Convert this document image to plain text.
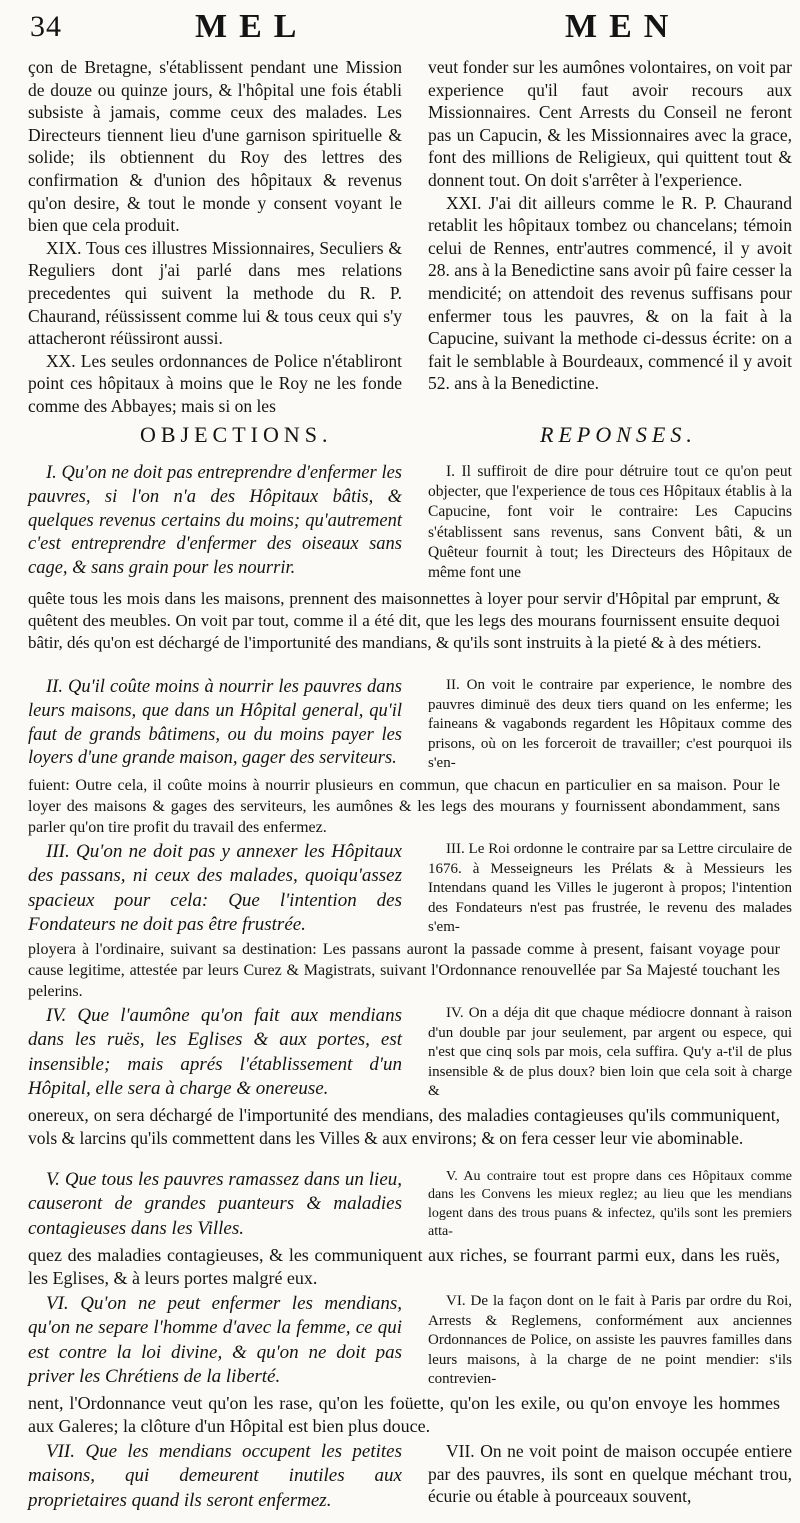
34	MEL	MEN

çon de Bretagne, s'établissent pendant une Mission de douze ou quinze jours, & l'hôpital une fois établi subsiste à jamais, comme ceux des malades. Les Directeurs tiennent lieu d'une garnison spirituelle & solide; ils obtiennent du Roy des lettres des confirmation & d'union des hôpitaux & revenus qu'on desire, & tout le monde y consent voyant le bien que cela produit.

XIX. Tous ces illustres Missionnaires, Seculiers & Reguliers dont j'ai parlé dans mes relations precedentes qui suivent la methode du R. P. Chaurand, réüssissent comme lui & tous ceux qui s'y attacheront réüssiront aussi.

XX. Les seules ordonnances de Police n'établiront point ces hôpitaux à moins que le Roy ne les fonde comme des Abbayes; mais si on les

veut fonder sur les aumônes volontaires, on voit par experience qu'il faut avoir recours aux Missionnaires. Cent Arrests du Conseil ne feront pas un Capucin, & les Missionnaires avec la grace, font des millions de Religieux, qui quittent tout & donnent tout. On doit s'arrêter à l'experience.

XXI. J'ai dit ailleurs comme le R. P. Chaurand retablit les hôpitaux tombez ou chancelans; témoin celui de Rennes, entr'autres commencé, il y avoit 28. ans à la Benedictine sans avoir pû faire cesser la mendicité; on attendoit des revenus suffisans pour enfermer tous les pauvres, & on la fait à la Capucine, suivant la methode ci-dessus écrite: on a fait le semblable à Bourdeaux, commencé il y avoit 52. ans à la Benedictine.

OBJECTIONS.	REPONSES.

I. Qu'on ne doit pas entreprendre d'enfermer les pauvres, si l'on n'a des Hôpitaux bâtis, & quelques revenus certains du moins; qu'autrement c'est entreprendre d'enfermer des oiseaux sans cage, & sans grain pour les nourrir.

I. Il suffiroit de dire pour détruire tout ce qu'on peut objecter, que l'experience de tous ces Hôpitaux établis à la Capucine, font voir le contraire: Les Capucins s'établissent sans revenus, sans Convent bâti, & un Quêteur fournit à tout; les Directeurs des Hôpitaux de même font une

quête tous les mois dans les maisons, prennent des maisonnettes à loyer pour servir d'Hôpital par emprunt, & quêtent des meubles. On voit par tout, comme il a été dit, que les legs des mourans fournissent ensuite dequoi bâtir, dés qu'on est déchargé de l'importunité des mandians, & qu'ils sont instruits à la pieté & à des métiers.

II. Qu'il coûte moins à nourrir les pauvres dans leurs maisons, que dans un Hôpital general, qu'il faut de grands bâtimens, ou du moins payer les loyers d'une grande maison, gager des serviteurs.

II. On voit le contraire par experience, le nombre des pauvres diminuë des deux tiers quand on les enferme; les faineans & vagabonds regardent les Hôpitaux comme des prisons, où on les forceroit de travailler; c'est pourquoi ils s'en-

fuient: Outre cela, il coûte moins à nourrir plusieurs en commun, que chacun en particulier en sa maison. Pour le loyer des maisons & gages des serviteurs, les aumônes & les legs des mourans y fournissent abondamment, sans parler qu'on tire profit du travail des enfermez.

III. Qu'on ne doit pas y annexer les Hôpitaux des passans, ni ceux des malades, quoiqu'assez spacieux pour cela: Que l'intention des Fondateurs ne doit pas être frustrée.

III. Le Roi ordonne le contraire par sa Lettre circulaire de 1676. à Messeigneurs les Prélats & à Messieurs les Intendans quand les Villes le jugeront à propos; l'intention des Fondateurs n'est pas frustrée, le revenu des malades s'em-

ployera à l'ordinaire, suivant sa destination: Les passans auront la passade comme à present, faisant voyage pour cause legitime, attestée par leurs Curez & Magistrats, suivant l'Ordonnance renouvellée par Sa Majesté touchant les pelerins.

IV. Que l'aumône qu'on fait aux mendians dans les ruës, les Eglises & aux portes, est insensible; mais aprés l'établissement d'un Hôpital, elle sera à charge & onereuse.

IV. On a déja dit que chaque médiocre donnant à raison d'un double par jour seulement, par argent ou espece, qui n'est que cinq sols par mois, cela suffira. Qu'y a-t'il de plus insensible & de plus doux? bien loin que cela soit à charge &

onereux, on sera déchargé de l'importunité des mendians, des maladies contagieuses qu'ils communiquent, vols & larcins qu'ils commettent dans les Villes & aux environs; & on fera cesser leur vie abominable.

V. Que tous les pauvres ramassez dans un lieu, causeront de grandes puanteurs & maladies contagieuses dans les Villes.

V. Au contraire tout est propre dans ces Hôpitaux comme dans les Convens les mieux reglez; au lieu que les mendians logent dans des trous puans & infectez, qu'ils sont les premiers atta-

quez des maladies contagieuses, & les communiquent aux riches, se fourrant parmi eux, dans les ruës, les Eglises, & à leurs portes malgré eux.

VI. Qu'on ne peut enfermer les mendians, qu'on ne separe l'homme d'avec la femme, ce qui est contre la loi divine, & qu'on ne doit pas priver les Chrétiens de la liberté.

VI. De la façon dont on le fait à Paris par ordre du Roi, Arrests & Reglemens, conformément aux anciennes Ordonnances de Police, on assiste les pauvres familles dans leurs maisons, à la charge de ne point mendier: s'ils contrevien-

nent, l'Ordonnance veut qu'on les rase, qu'on les foüette, qu'on les exile, ou qu'on envoye les hommes aux Galeres; la clôture d'un Hôpital est bien plus douce.

VII. Que les mendians occupent les petites maisons, qui demeurent inutiles aux proprietaires quand ils seront enfermez.

VII. On ne voit point de maison occupée entiere par des pauvres, ils sont en quelque méchant trou, écurie ou étable à pourceaux souvent,
